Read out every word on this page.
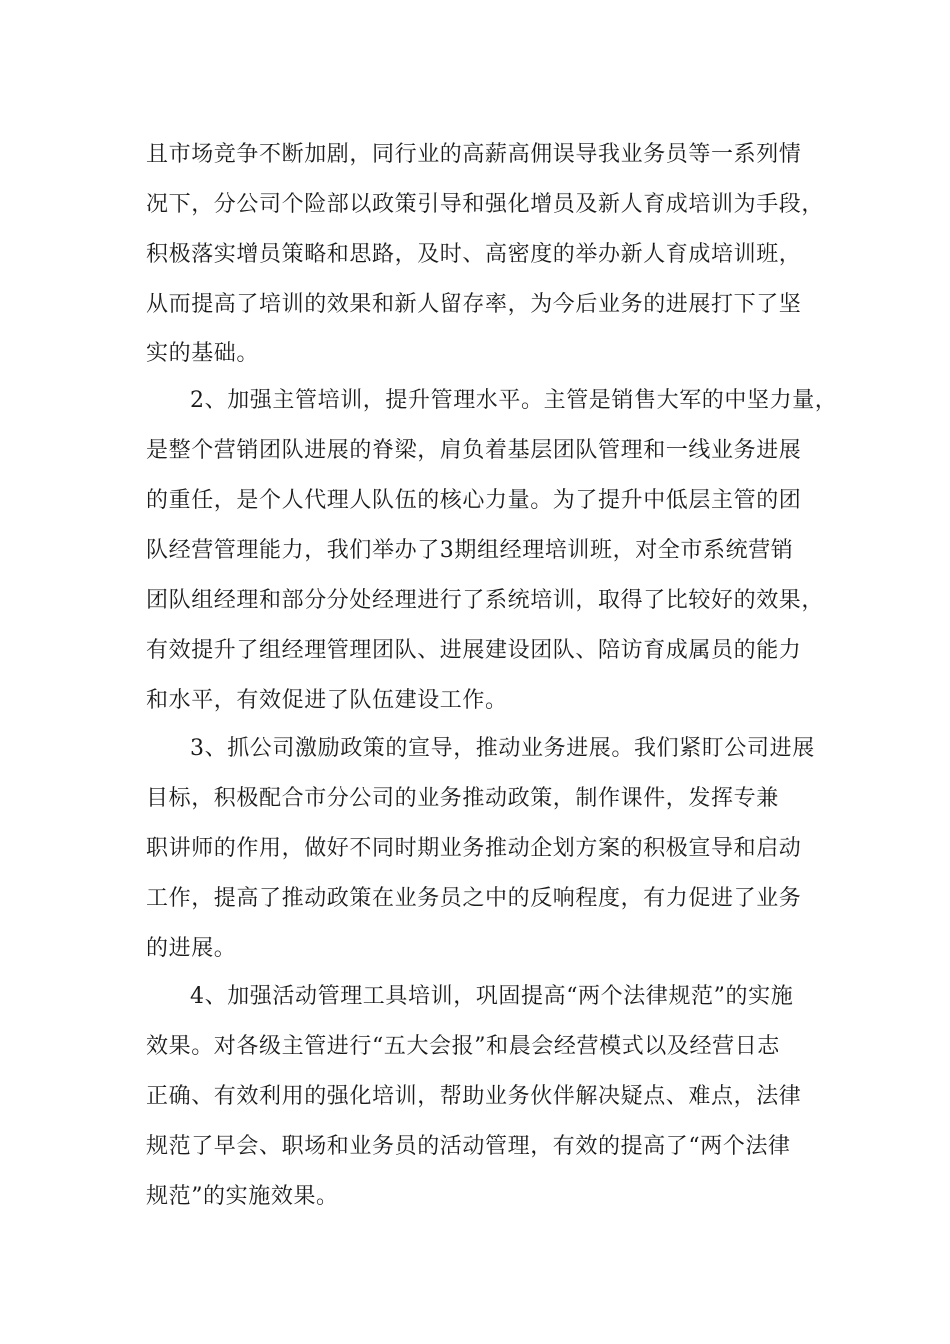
且市场竞争不断加剧，同行业的高薪高佣误导我业务员等一系列情
况下，分公司个险部以政策引导和强化增员及新人育成培训为手段，
积极落实增员策略和思路，及时、高密度的举办新人育成培训班，
从而提高了培训的效果和新人留存率，为今后业务的进展打下了坚
实的基础。
2、加强主管培训，提升管理水平。主管是销售大军的中坚力量，
是整个营销团队进展的脊梁，肩负着基层团队管理和一线业务进展
的重任，是个人代理人队伍的核心力量。为了提升中低层主管的团
队经营管理能力，我们举办了3期组经理培训班，对全市系统营销
团队组经理和部分分处经理进行了系统培训，取得了比较好的效果，
有效提升了组经理管理团队、进展建设团队、陪访育成属员的能力
和水平，有效促进了队伍建设工作。
3、抓公司激励政策的宣导，推动业务进展。我们紧盯公司进展
目标，积极配合市分公司的业务推动政策，制作课件，发挥专兼
职讲师的作用，做好不同时期业务推动企划方案的积极宣导和启动
工作，提高了推动政策在业务员之中的反响程度，有力促进了业务
的进展。
4、加强活动管理工具培训，巩固提高“两个法律规范”的实施
效果。对各级主管进行“五大会报”和晨会经营模式以及经营日志
正确、有效利用的强化培训，帮助业务伙伴解决疑点、难点，法律
规范了早会、职场和业务员的活动管理，有效的提高了“两个法律
规范”的实施效果。
